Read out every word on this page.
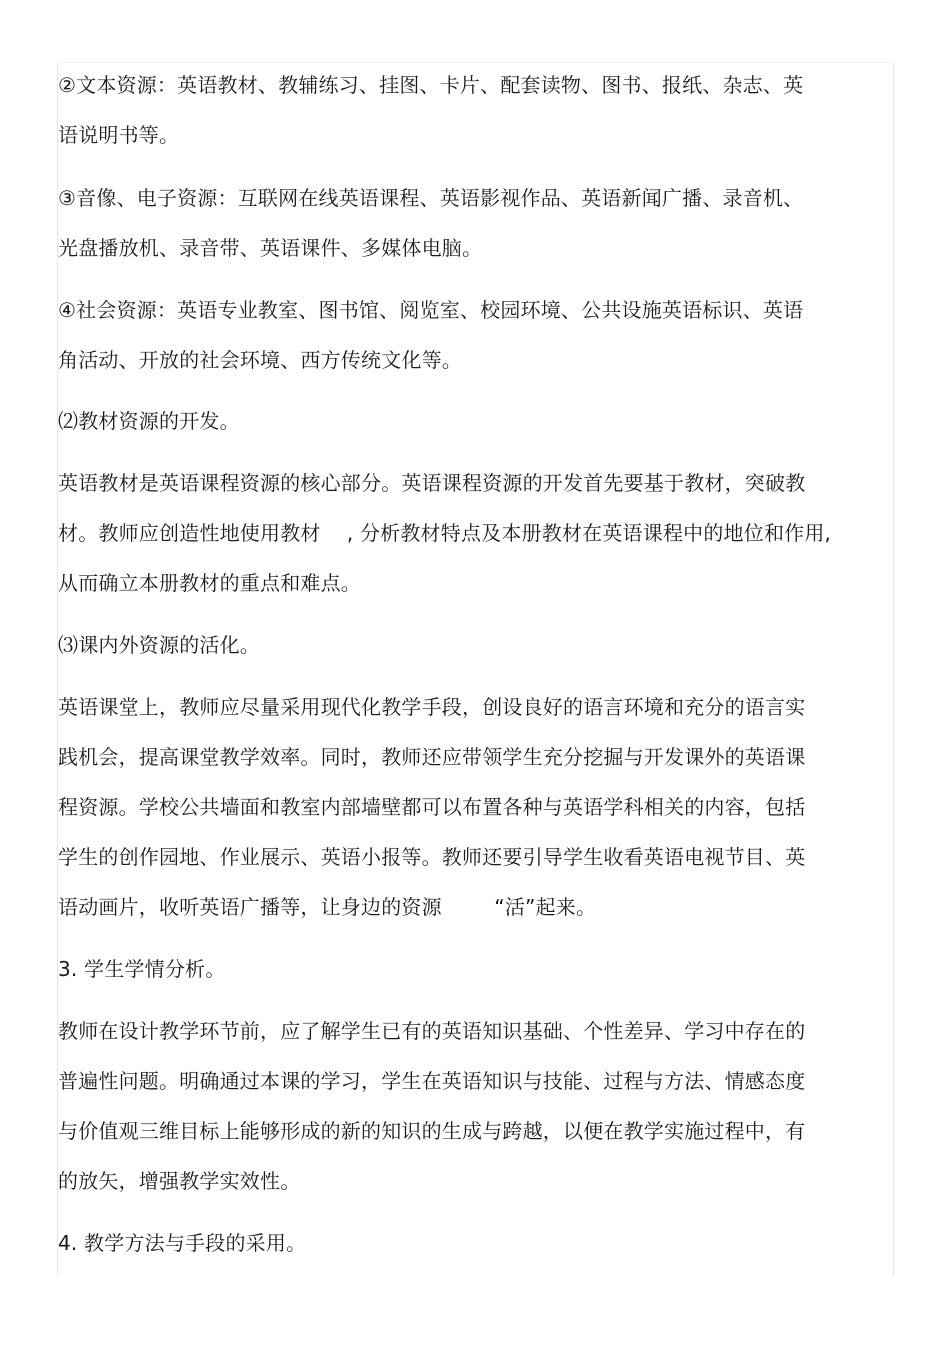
②文本资源：英语教材、教辅练习、挂图、卡片、配套读物、图书、报纸、杂志、英
语说明书等。
③音像、电子资源：互联网在线英语课程、英语影视作品、英语新闻广播、录音机、
光盘播放机、录音带、英语课件、多媒体电脑。
④社会资源：英语专业教室、图书馆、阅览室、校园环境、公共设施英语标识、英语
角活动、开放的社会环境、西方传统文化等。
⑵教材资源的开发。
英语教材是英语课程资源的核心部分。英语课程资源的开发首先要基于教材，突破教
材。教师应创造性地使用教材    , 分析教材特点及本册教材在英语课程中的地位和作用,
从而确立本册教材的重点和难点。
⑶课内外资源的活化。
英语课堂上，教师应尽量采用现代化教学手段，创设良好的语言环境和充分的语言实
践机会，提高课堂教学效率。同时，教师还应带领学生充分挖掘与开发课外的英语课
程资源。学校公共墙面和教室内部墙壁都可以布置各种与英语学科相关的内容，包括
学生的创作园地、作业展示、英语小报等。教师还要引导学生收看英语电视节目、英
语动画片，收听英语广播等，让身边的资源        “活”起来。
3. 学生学情分析。
教师在设计教学环节前，应了解学生已有的英语知识基础、个性差异、学习中存在的
普遍性问题。明确通过本课的学习，学生在英语知识与技能、过程与方法、情感态度
与价值观三维目标上能够形成的新的知识的生成与跨越，以便在教学实施过程中，有
的放矢，增强教学实效性。
4. 教学方法与手段的采用。
